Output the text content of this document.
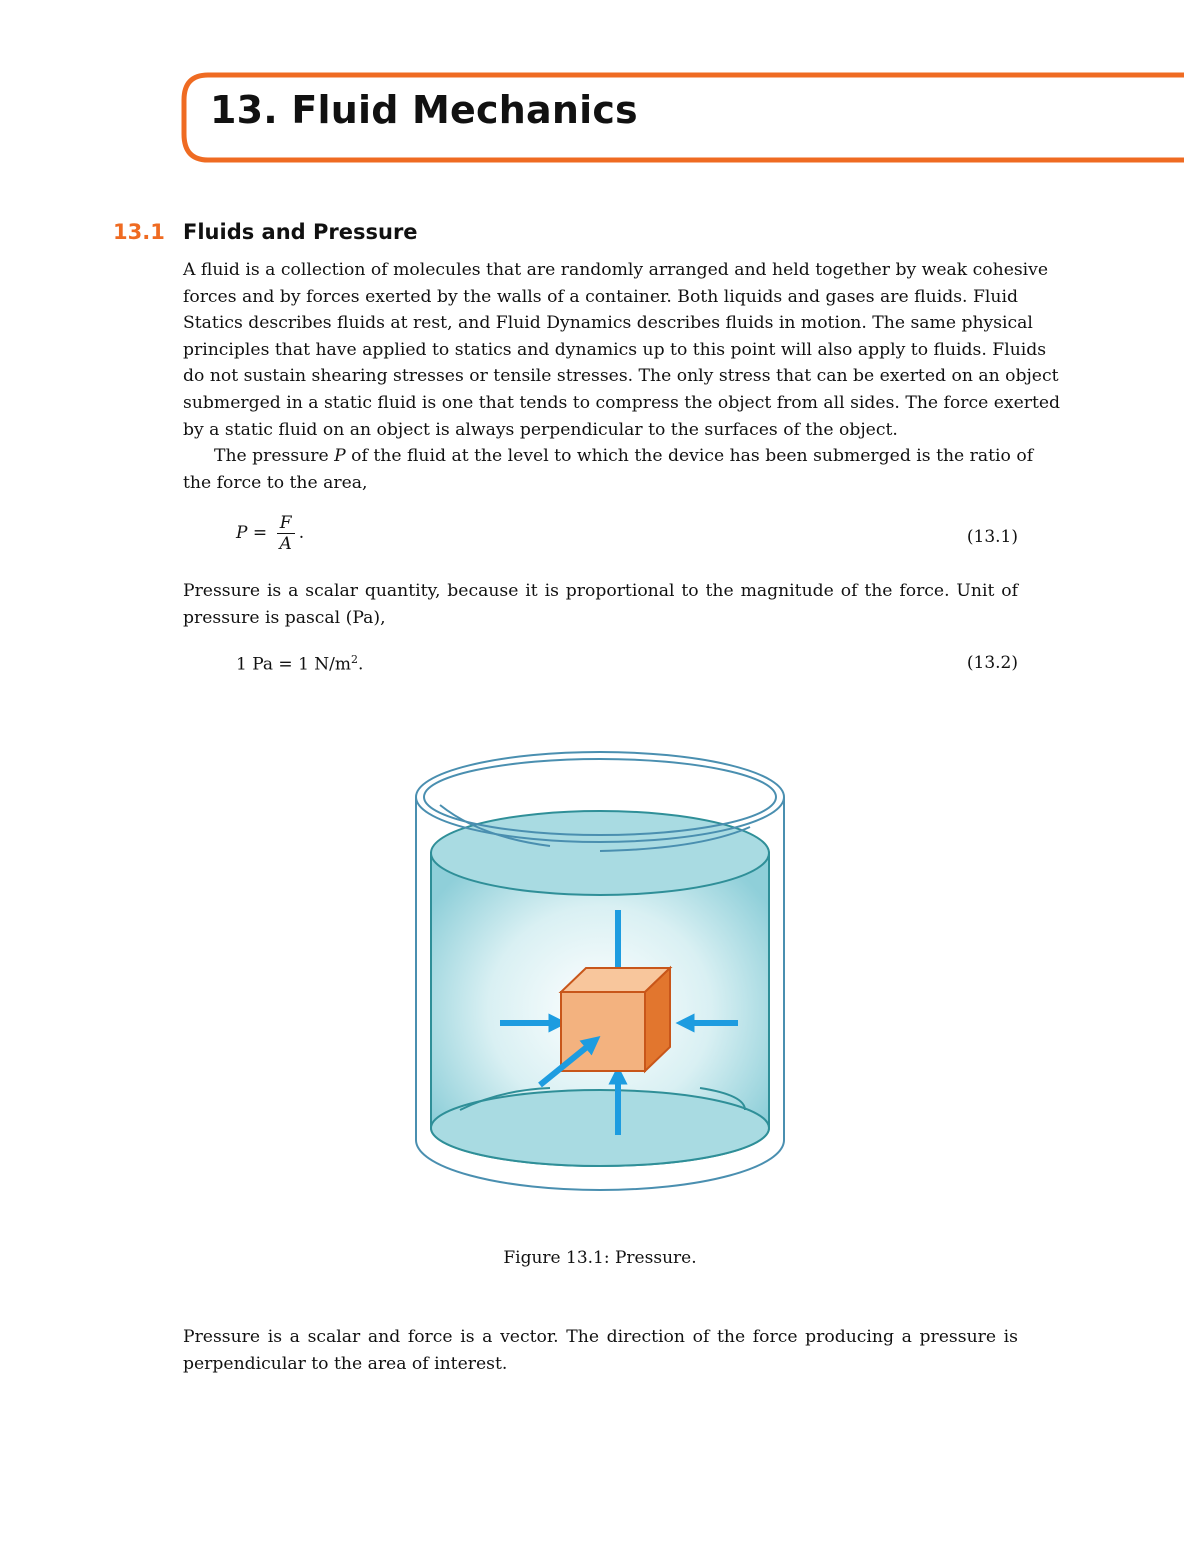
13. Fluid Mechanics
13.1 Fluids and Pressure

A fluid is a collection of molecules that are randomly arranged and held together by weak cohesive
forces and by forces exerted by the walls of a container. Both liquids and gases are fluids. Fluid
Statics describes fluids at rest, and Fluid Dynamics describes fluids in motion. The same physical
principles that have applied to statics and dynamics up to this point will also apply to fluids. Fluids
do not sustain shearing stresses or tensile stresses. The only stress that can be exerted on an object
submerged in a static fluid is one that tends to compress the object from all sides. The force exerted
by a static fluid on an object is always perpendicular to the surfaces of the object.

The pressure P of the fluid at the level to which the device has been submerged is the ratio of
the force to the area,

$P = \frac{F}{A}$ .	(13.1)

Pressure is a scalar quantity, because it is proportional to the magnitude of the force. Unit of
pressure is pascal (Pa),

1 Pa = 1 $N/m^2$.	(13.2)
Figure 13.1: Pressure.

Pressure is a scalar and force is a vector. The direction of the force producing a pressure is
perpendicular to the area of interest.
